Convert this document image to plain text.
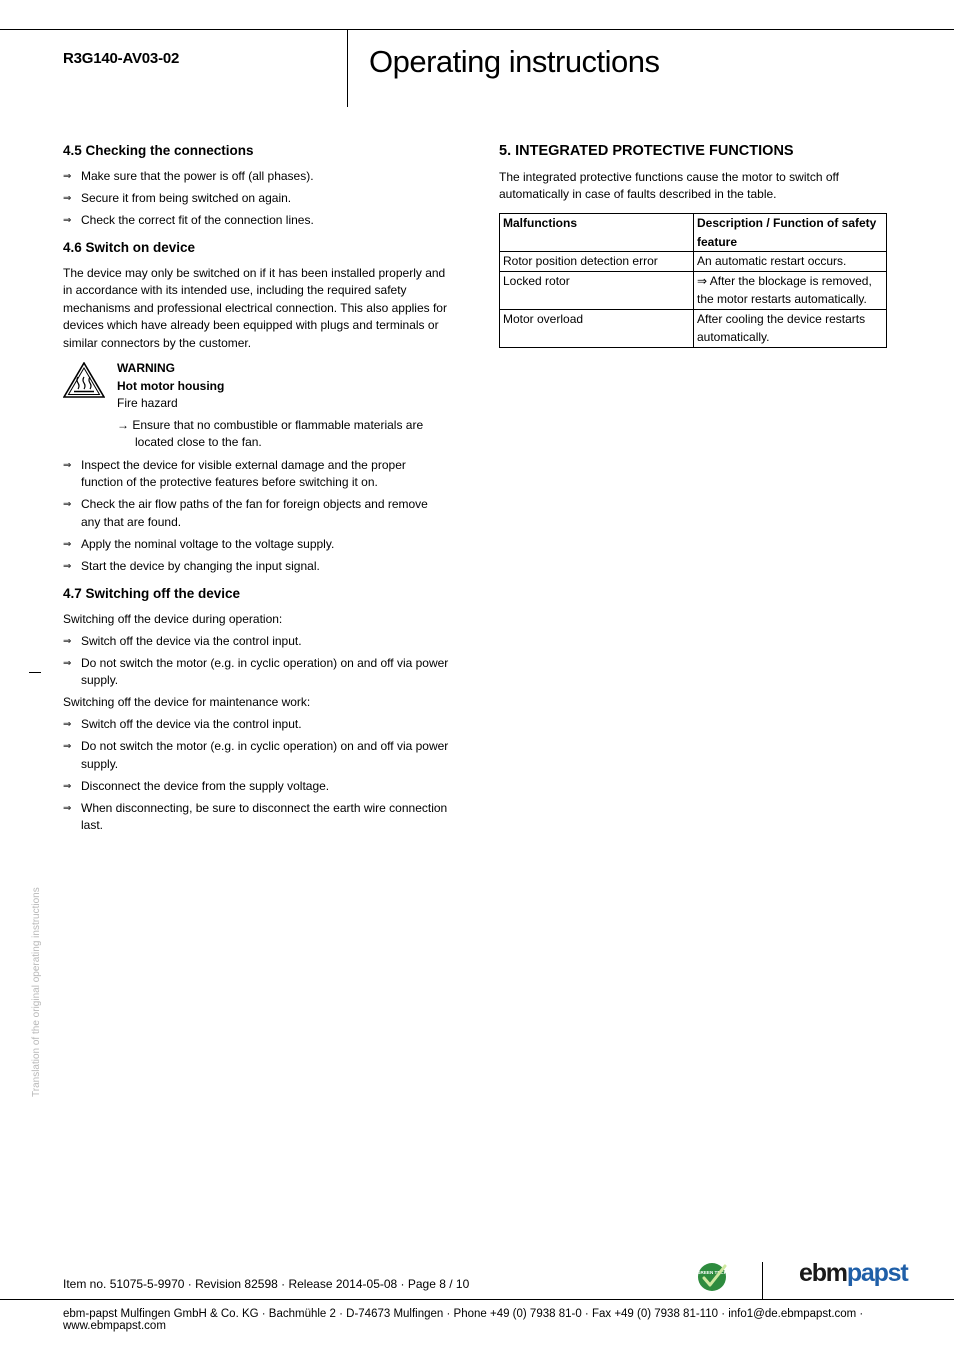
R3G140-AV03-02	Operating instructions

4.5 Checking the connections

⇒ Make sure that the power is off (all phases).
⇒ Secure it from being switched on again.
⇒ Check the correct fit of the connection lines.

4.6 Switch on device

The device may only be switched on if it has been installed properly and in accordance with its intended use, including the required safety mechanisms and professional electrical connection. This also applies for devices which have already been equipped with plugs and terminals or similar connectors by the customer.

WARNING
Hot motor housing
Fire hazard
→ Ensure that no combustible or flammable materials are located close to the fan.
⇒ Inspect the device for visible external damage and the proper function of the protective features before switching it on.
⇒ Check the air flow paths of the fan for foreign objects and remove any that are found.
⇒ Apply the nominal voltage to the voltage supply.
⇒ Start the device by changing the input signal.

4.7 Switching off the device

Switching off the device during operation:

⇒ Switch off the device via the control input.
⇒ Do not switch the motor (e.g. in cyclic operation) on and off via power supply.

Switching off the device for maintenance work:

⇒ Switch off the device via the control input.
⇒ Do not switch the motor (e.g. in cyclic operation) on and off via power supply.
⇒ Disconnect the device from the supply voltage.
⇒ When disconnecting, be sure to disconnect the earth wire connection last.

5. INTEGRATED PROTECTIVE FUNCTIONS

The integrated protective functions cause the motor to switch off automatically in case of faults described in the table.

Malfunctions	Description / Function of safety feature
Rotor position detection error	An automatic restart occurs.
Locked rotor	⇒ After the blockage is removed, the motor restarts automatically.
Motor overload	After cooling the device restarts automatically.
Translation of the original operating instructions
Item no. 51075-5-9970 · Revision 82598 · Release 2014-05-08 · Page 8 / 10
GREEN TECH	ebmpapst
ebm-papst Mulfingen GmbH & Co. KG · Bachmühle 2 · D-74673 Mulfingen · Phone +49 (0) 7938 81-0 · Fax +49 (0) 7938 81-110 · info1@de.ebmpapst.com · www.ebmpapst.com
